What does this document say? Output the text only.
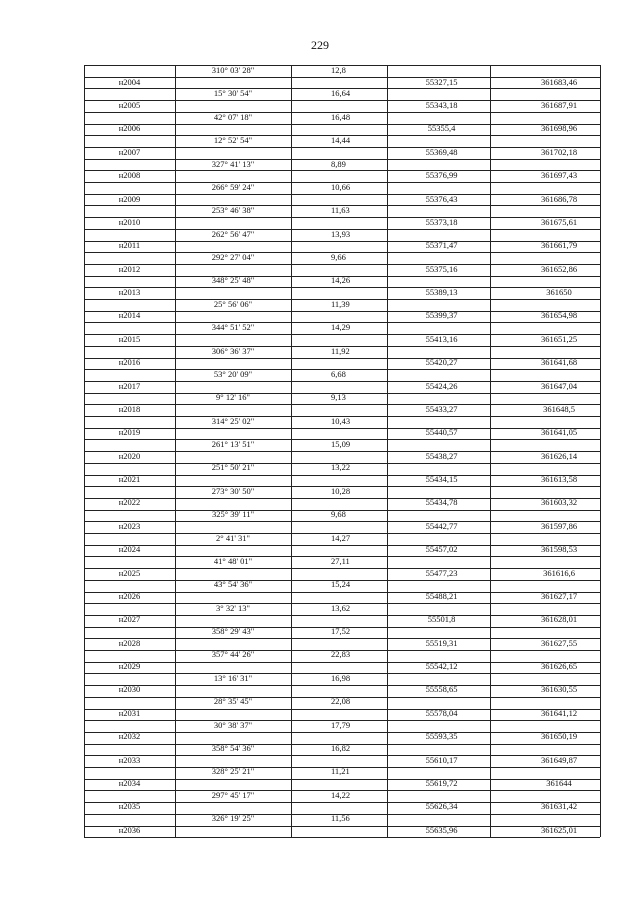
229
310° 03' 28"	12,8
н2004	55327,15	361683,46
15° 30' 54"	16,64
н2005	55343,18	361687,91
42° 07' 18"	16,48
н2006	55355,4	361698,96
12° 52' 54"	14,44
н2007	55369,48	361702,18
327° 41' 13"	8,89
н2008	55376,99	361697,43
266° 59' 24"	10,66
н2009	55376,43	361686,78
253° 46' 38"	11,63
н2010	55373,18	361675,61
262° 56' 47"	13,93
н2011	55371,47	361661,79
292° 27' 04"	9,66
н2012	55375,16	361652,86
348° 25' 48"	14,26
н2013	55389,13	361650
25° 56' 06"	11,39
н2014	55399,37	361654,98
344° 51' 52"	14,29
н2015	55413,16	361651,25
306° 36' 37"	11,92
н2016	55420,27	361641,68
53° 20' 09"	6,68
н2017	55424,26	361647,04
9° 12' 16"	9,13
н2018	55433,27	361648,5
314° 25' 02"	10,43
н2019	55440,57	361641,05
261° 13' 51"	15,09
н2020	55438,27	361626,14
251° 50' 21"	13,22
н2021	55434,15	361613,58
273° 30' 50"	10,28
н2022	55434,78	361603,32
325° 39' 11"	9,68
н2023	55442,77	361597,86
2° 41' 31"	14,27
н2024	55457,02	361598,53
41° 48' 01"	27,11
н2025	55477,23	361616,6
43° 54' 36"	15,24
н2026	55488,21	361627,17
3° 32' 13"	13,62
н2027	55501,8	361628,01
358° 29' 43"	17,52
н2028	55519,31	361627,55
357° 44' 26"	22,83
н2029	55542,12	361626,65
13° 16' 31"	16,98
н2030	55558,65	361630,55
28° 35' 45"	22,08
н2031	55578,04	361641,12
30° 38' 37"	17,79
н2032	55593,35	361650,19
358° 54' 36"	16,82
н2033	55610,17	361649,87
328° 25' 21"	11,21
н2034	55619,72	361644
297° 45' 17"	14,22
н2035	55626,34	361631,42
326° 19' 25"	11,56
н2036	55635,96	361625,01
